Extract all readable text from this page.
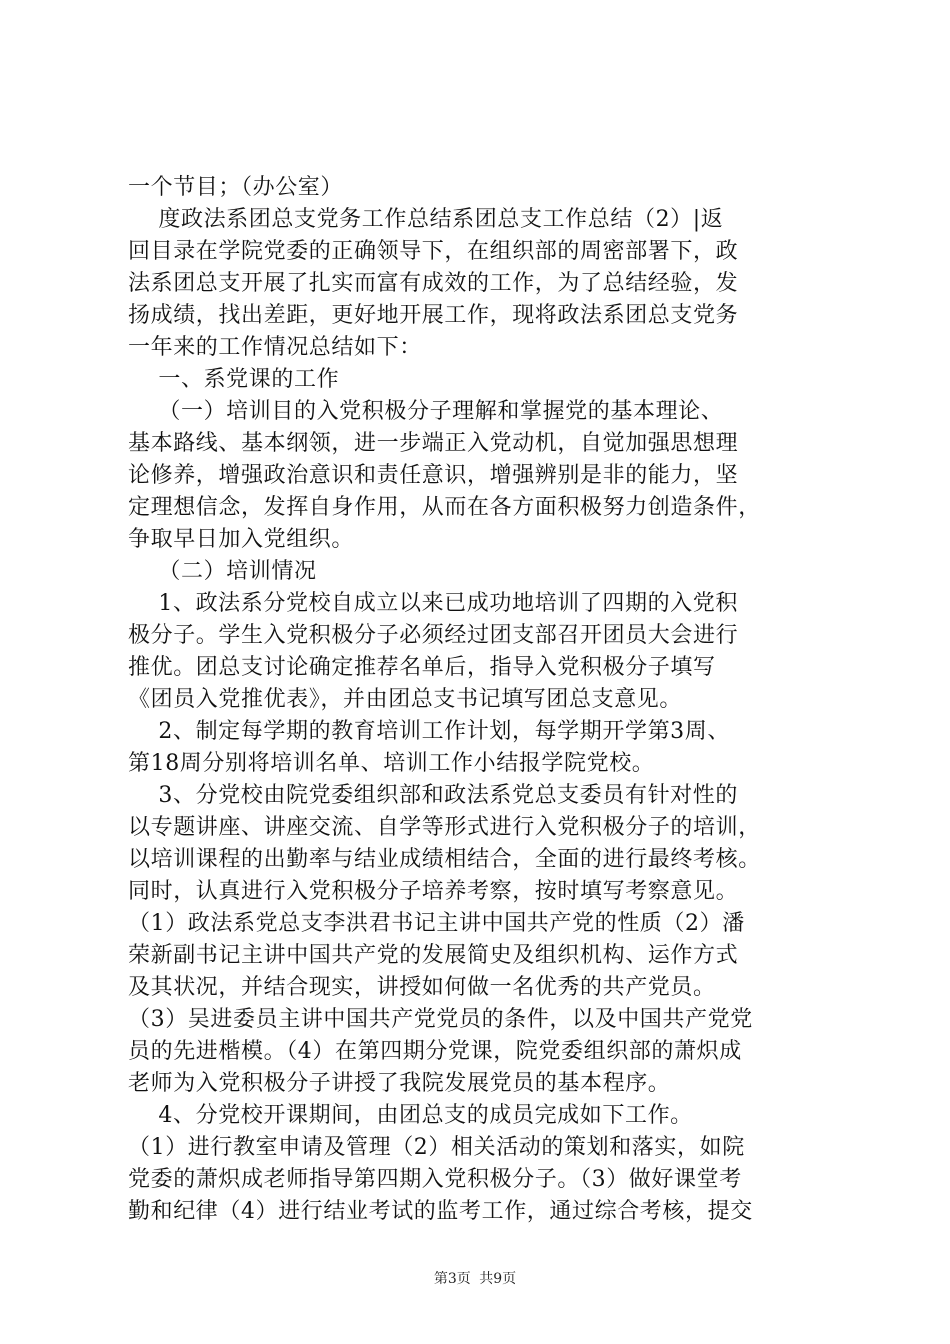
一个节目；（办公室）
度政法系团总支党务工作总结系团总支工作总结（2）|返
回目录在学院党委的正确领导下，在组织部的周密部署下，政
法系团总支开展了扎实而富有成效的工作，为了总结经验，发
扬成绩，找出差距，更好地开展工作，现将政法系团总支党务
一年来的工作情况总结如下：
一、系党课的工作
（一）培训目的入党积极分子理解和掌握党的基本理论、
基本路线、基本纲领，进一步端正入党动机，自觉加强思想理
论修养，增强政治意识和责任意识，增强辨别是非的能力，坚
定理想信念，发挥自身作用，从而在各方面积极努力创造条件，
争取早日加入党组织。
（二）培训情况
1、政法系分党校自成立以来已成功地培训了四期的入党积
极分子。学生入党积极分子必须经过团支部召开团员大会进行
推优。团总支讨论确定推荐名单后，指导入党积极分子填写
《团员入党推优表》，并由团总支书记填写团总支意见。
2、制定每学期的教育培训工作计划，每学期开学第3周、
第18周分别将培训名单、培训工作小结报学院党校。
3、分党校由院党委组织部和政法系党总支委员有针对性的
以专题讲座、讲座交流、自学等形式进行入党积极分子的培训，
以培训课程的出勤率与结业成绩相结合，全面的进行最终考核。
同时，认真进行入党积极分子培养考察，按时填写考察意见。
（1）政法系党总支李洪君书记主讲中国共产党的性质（2）潘
荣新副书记主讲中国共产党的发展简史及组织机构、运作方式
及其状况，并结合现实，讲授如何做一名优秀的共产党员。
（3）吴进委员主讲中国共产党党员的条件，以及中国共产党党
员的先进楷模。（4）在第四期分党课，院党委组织部的萧炽成
老师为入党积极分子讲授了我院发展党员的基本程序。
4、分党校开课期间，由团总支的成员完成如下工作。
（1）进行教室申请及管理（2）相关活动的策划和落实，如院
党委的萧炽成老师指导第四期入党积极分子。（3）做好课堂考
勤和纪律（4）进行结业考试的监考工作，通过综合考核，提交
第3页 共9页
